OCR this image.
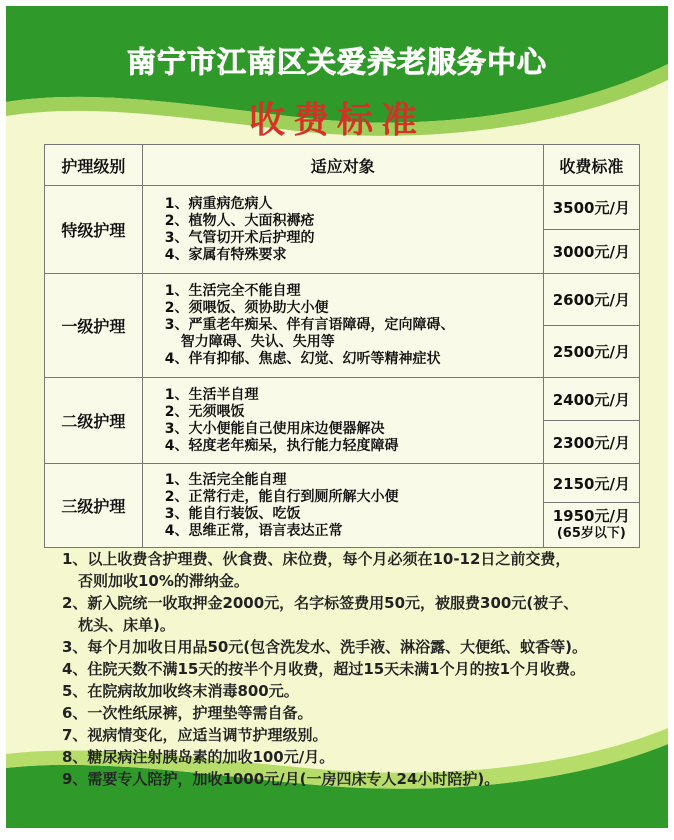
南宁市江南区关爱养老服务中心
收费标准
护理级别	适应对象	收费标准
特级护理	1、病重病危病人
2、植物人、大面积褥疮
3、气管切开术后护理的
4、家属有特殊要求	3500元/月
		3000元/月
一级护理	1、生活完全不能自理
2、须喂饭、须协助大小便
3、严重老年痴呆、伴有言语障碍，定向障碍、
智力障碍、失认、失用等
4、伴有抑郁、焦虑、幻觉、幻听等精神症状	2600元/月
		2500元/月
二级护理	1、生活半自理
2、无须喂饭
3、大小便能自己使用床边便器解决
4、轻度老年痴呆，执行能力轻度障碍	2400元/月
		2300元/月
三级护理	1、生活完全能自理
2、正常行走，能自行到厕所解大小便
3、能自行装饭、吃饭
4、思维正常，语言表达正常	2150元/月

		1950元/月
(65岁以下)
1、以上收费含护理费、伙食费、床位费，每个月必须在10-12日之前交费，
否则加收10%的滞纳金。
2、新入院统一收取押金2000元，名字标签费用50元，被服费300元(被子、
枕头、床单)。
3、每个月加收日用品50元(包含洗发水、洗手液、淋浴露、大便纸、蚊香等)。
4、住院天数不满15天的按半个月收费，超过15天未满1个月的按1个月收费。
5、在院病故加收终末消毒800元。
6、一次性纸尿裤，护理垫等需自备。
7、视病情变化，应适当调节护理级别。
8、糖尿病注射胰岛素的加收100元/月。
9、需要专人陪护，加收1000元/月(一房四床专人24小时陪护)。
